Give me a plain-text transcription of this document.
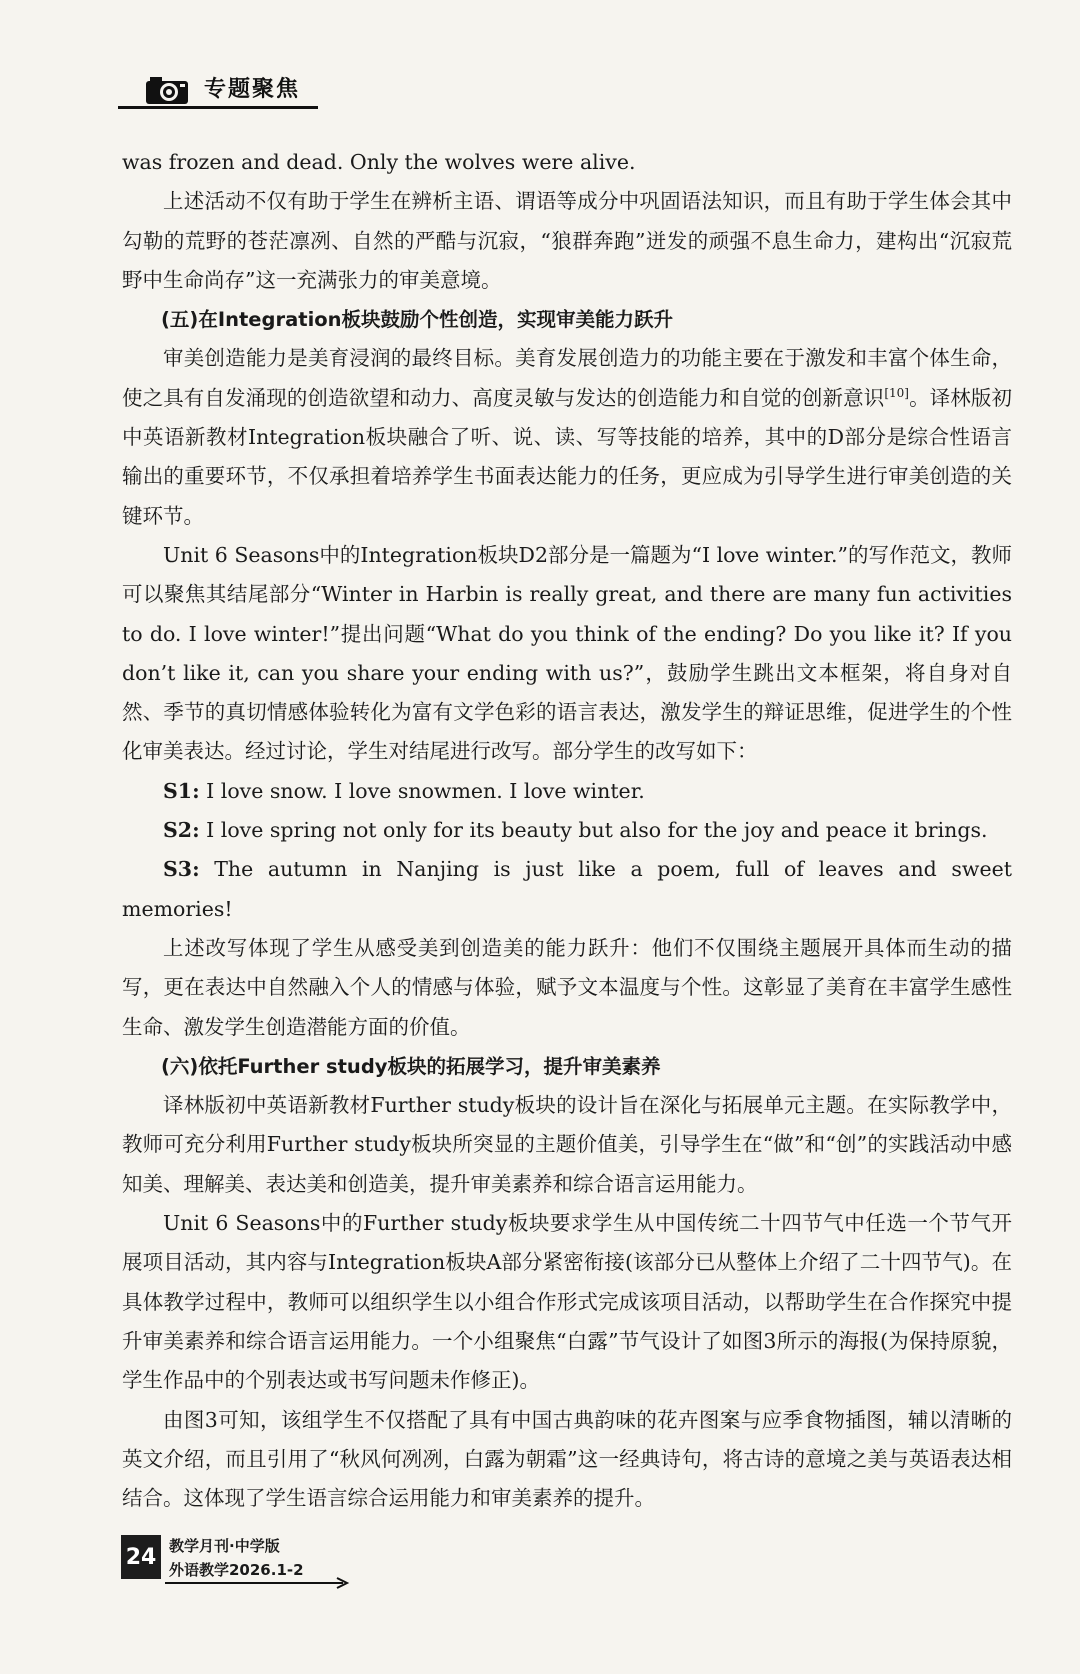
专题聚焦

was frozen and dead. Only the wolves were alive.

上述活动不仅有助于学生在辨析主语、谓语等成分中巩固语法知识，而且有助于学生体会其中勾勒的荒野的苍茫凛冽、自然的严酷与沉寂，“狼群奔跑”迸发的顽强不息生命力，建构出“沉寂荒野中生命尚存”这一充满张力的审美意境。

(五)在Integration板块鼓励个性创造，实现审美能力跃升

审美创造能力是美育浸润的最终目标。美育发展创造力的功能主要在于激发和丰富个体生命，使之具有自发涌现的创造欲望和动力、高度灵敏与发达的创造能力和自觉的创新意识[10]。译林版初中英语新教材Integration板块融合了听、说、读、写等技能的培养，其中的D部分是综合性语言输出的重要环节，不仅承担着培养学生书面表达能力的任务，更应成为引导学生进行审美创造的关键环节。

Unit 6 Seasons中的Integration板块D2部分是一篇题为“I love winter.”的写作范文，教师可以聚焦其结尾部分“Winter in Harbin is really great, and there are many fun activities to do. I love winter!”提出问题“What do you think of the ending? Do you like it? If you don’t like it, can you share your ending with us?”，鼓励学生跳出文本框架，将自身对自然、季节的真切情感体验转化为富有文学色彩的语言表达，激发学生的辩证思维，促进学生的个性化审美表达。经过讨论，学生对结尾进行改写。部分学生的改写如下：

S1: I love snow. I love snowmen. I love winter.

S2: I love spring not only for its beauty but also for the joy and peace it brings.

S3: The autumn in Nanjing is just like a poem, full of leaves and sweet memories!

上述改写体现了学生从感受美到创造美的能力跃升：他们不仅围绕主题展开具体而生动的描写，更在表达中自然融入个人的情感与体验，赋予文本温度与个性。这彰显了美育在丰富学生感性生命、激发学生创造潜能方面的价值。

(六)依托Further study板块的拓展学习，提升审美素养

译林版初中英语新教材Further study板块的设计旨在深化与拓展单元主题。在实际教学中，教师可充分利用Further study板块所突显的主题价值美，引导学生在“做”和“创”的实践活动中感知美、理解美、表达美和创造美，提升审美素养和综合语言运用能力。

Unit 6 Seasons中的Further study板块要求学生从中国传统二十四节气中任选一个节气开展项目活动，其内容与Integration板块A部分紧密衔接(该部分已从整体上介绍了二十四节气)。在具体教学过程中，教师可以组织学生以小组合作形式完成该项目活动，以帮助学生在合作探究中提升审美素养和综合语言运用能力。一个小组聚焦“白露”节气设计了如图3所示的海报(为保持原貌，学生作品中的个别表达或书写问题未作修正)。

由图3可知，该组学生不仅搭配了具有中国古典韵味的花卉图案与应季食物插图，辅以清晰的英文介绍，而且引用了“秋风何冽冽，白露为朝霜”这一经典诗句，将古诗的意境之美与英语表达相结合。这体现了学生语言综合运用能力和审美素养的提升。

24 教学月刊·中学版
外语教学2026.1-2
